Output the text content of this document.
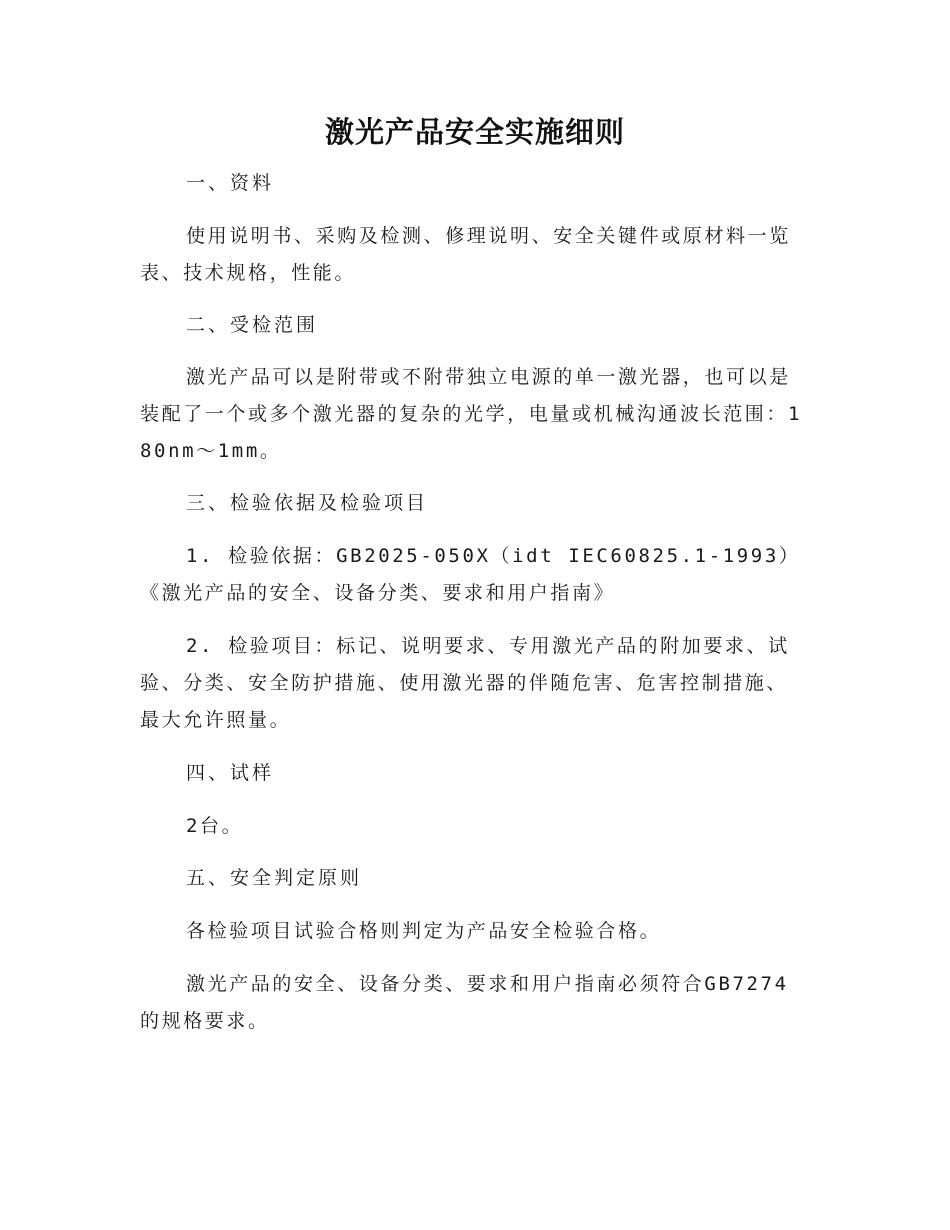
激光产品安全实施细则

一、资料

使用说明书、采购及检测、修理说明、安全关键件或原材料一览表、技术规格，性能。

二、受检范围

激光产品可以是附带或不附带独立电源的单一激光器，也可以是装配了一个或多个激光器的复杂的光学，电量或机械沟通波长范围：180nm～1mm。

三、检验依据及检验项目

1. 检验依据：GB2025-050X（idt IEC60825.1-1993）《激光产品的安全、设备分类、要求和用户指南》

2. 检验项目：标记、说明要求、专用激光产品的附加要求、试验、分类、安全防护措施、使用激光器的伴随危害、危害控制措施、最大允许照量。

四、试样

2台。

五、安全判定原则

各检验项目试验合格则判定为产品安全检验合格。

激光产品的安全、设备分类、要求和用户指南必须符合GB7274的规格要求。
